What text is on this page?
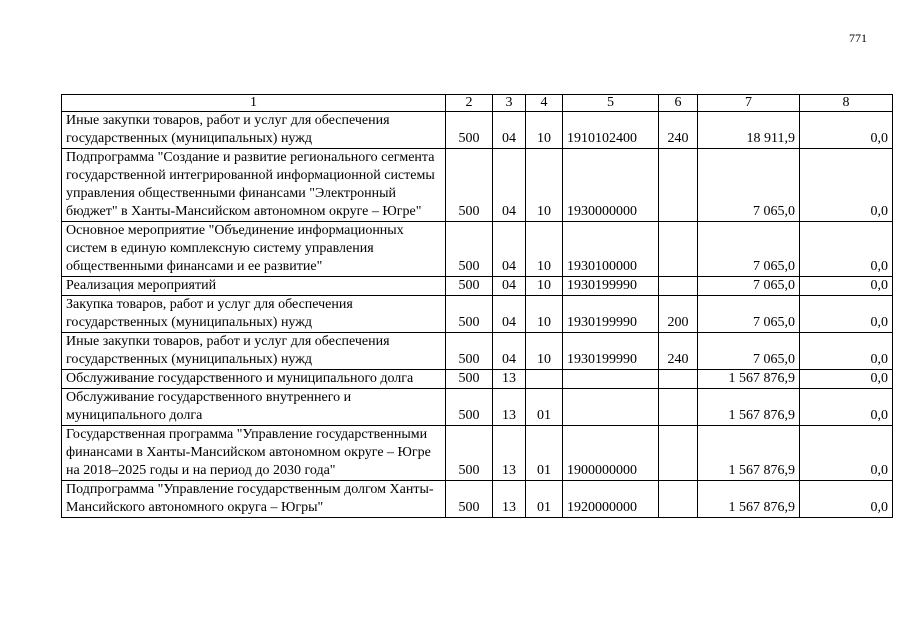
771
1	2	3	4	5	6	7	8
Иные закупки товаров, работ и услуг для обеспечения государственных (муниципальных) нужд	500	04	10	1910102400	240	18 911,9	0,0
Подпрограмма "Создание и развитие регионального сегмента государственной интегрированной информационной системы управления общественными финансами "Электронный бюджет" в Ханты-Мансийском автономном округе – Югре"	500	04	10	1930000000		7 065,0	0,0
Основное мероприятие "Объединение информационных систем в единую комплексную систему управления общественными финансами и ее развитие"	500	04	10	1930100000		7 065,0	0,0
Реализация мероприятий	500	04	10	1930199990		7 065,0	0,0
Закупка товаров, работ и услуг для обеспечения государственных (муниципальных) нужд	500	04	10	1930199990	200	7 065,0	0,0
Иные закупки товаров, работ и услуг для обеспечения государственных (муниципальных) нужд	500	04	10	1930199990	240	7 065,0	0,0
Обслуживание государственного и муниципального долга	500	13				1 567 876,9	0,0
Обслуживание государственного внутреннего и муниципального долга	500	13	01			1 567 876,9	0,0
Государственная программа "Управление государственными финансами в Ханты-Мансийском автономном округе – Югре на 2018–2025 годы и на период до 2030 года"	500	13	01	1900000000		1 567 876,9	0,0
Подпрограмма "Управление государственным долгом Ханты-Мансийского автономного округа – Югры"	500	13	01	1920000000		1 567 876,9	0,0
